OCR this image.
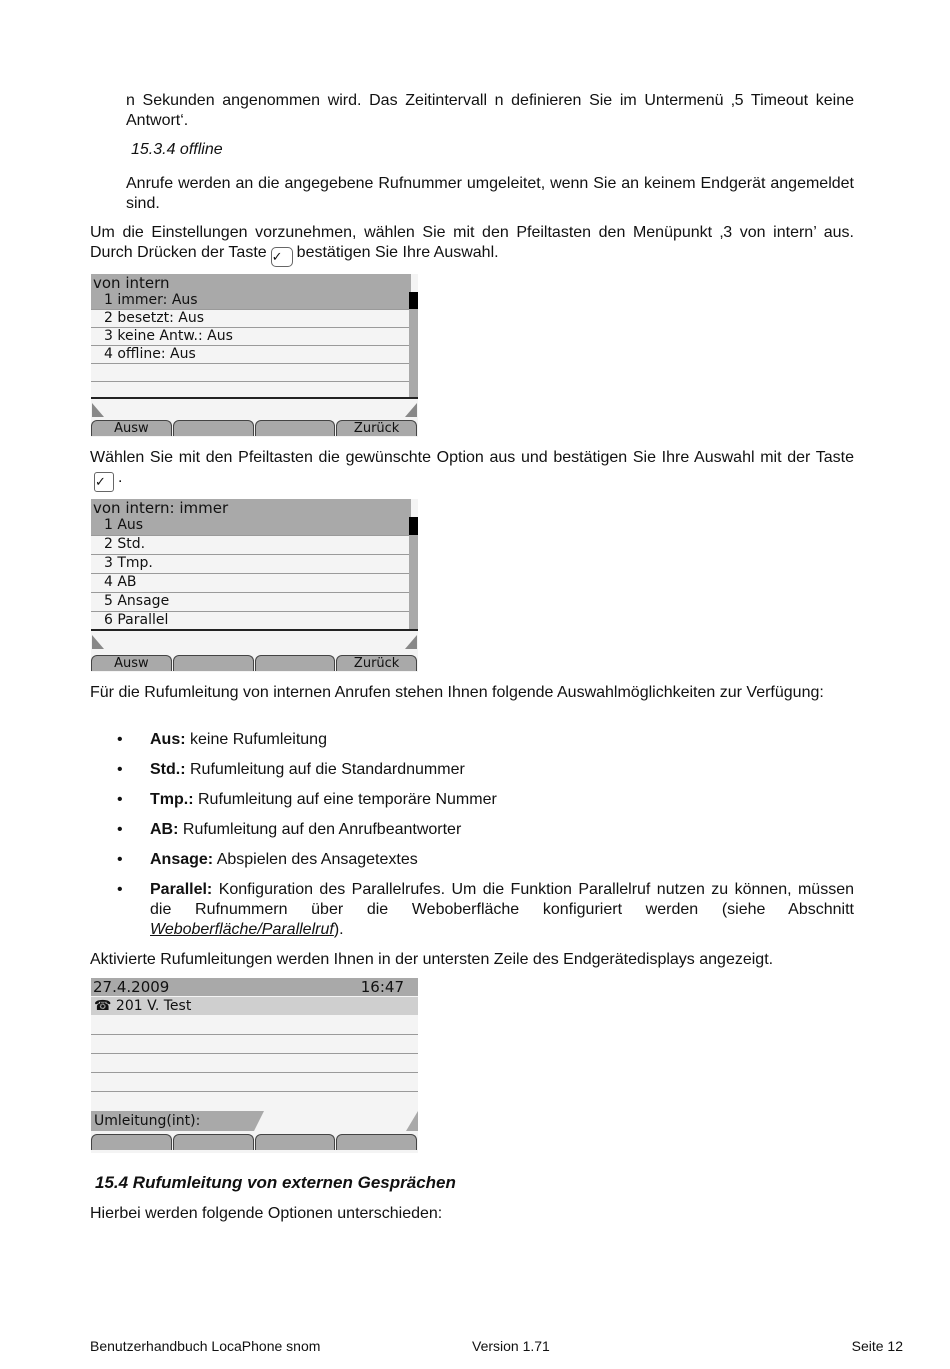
n Sekunden angenommen wird. Das Zeitintervall n definieren Sie im Untermenü ‚5 Timeout keine Antwort‘.
15.3.4 offline
Anrufe werden an die angegebene Rufnummer umgeleitet, wenn Sie an keinem Endgerät angemeldet sind.
Um die Einstellungen vorzunehmen, wählen Sie mit den Pfeiltasten den Menüpunkt ‚3 von intern’ aus. Durch Drücken der Taste ✓ bestätigen Sie Ihre Auswahl.
von intern
1 immer: Aus
2 besetzt: Aus
3 keine Antw.: Aus
4 offline: Aus
Ausw	Zurück
Wählen Sie mit den Pfeiltasten die gewünschte Option aus und bestätigen Sie Ihre Auswahl mit der Taste✓ .
von intern: immer
1 Aus
2 Std.
3 Tmp.
4 AB
5 Ansage
6 Parallel
Ausw	Zurück
Für die Rufumleitung von internen Anrufen stehen Ihnen folgende Auswahlmöglichkeiten zur Verfügung:
• Aus: keine Rufumleitung
• Std.: Rufumleitung auf die Standardnummer
• Tmp.: Rufumleitung auf eine temporäre Nummer
• AB: Rufumleitung auf den Anrufbeantworter
• Ansage: Abspielen des Ansagetextes
• Parallel: Konfiguration des Parallelrufes. Um die Funktion Parallelruf nutzen zu können, müssen die Rufnummern über die Weboberfläche konfiguriert werden (siehe Abschnitt Weboberfläche/Parallelruf).
Aktivierte Rufumleitungen werden Ihnen in der untersten Zeile des Endgerätedisplays angezeigt.
27.4.2009	16:47
☎ 201 V. Test
Umleitung(int):
15.4 Rufumleitung von externen Gesprächen
Hierbei werden folgende Optionen unterschieden:
Benutzerhandbuch LocaPhone snom	Version 1.71	Seite 12
